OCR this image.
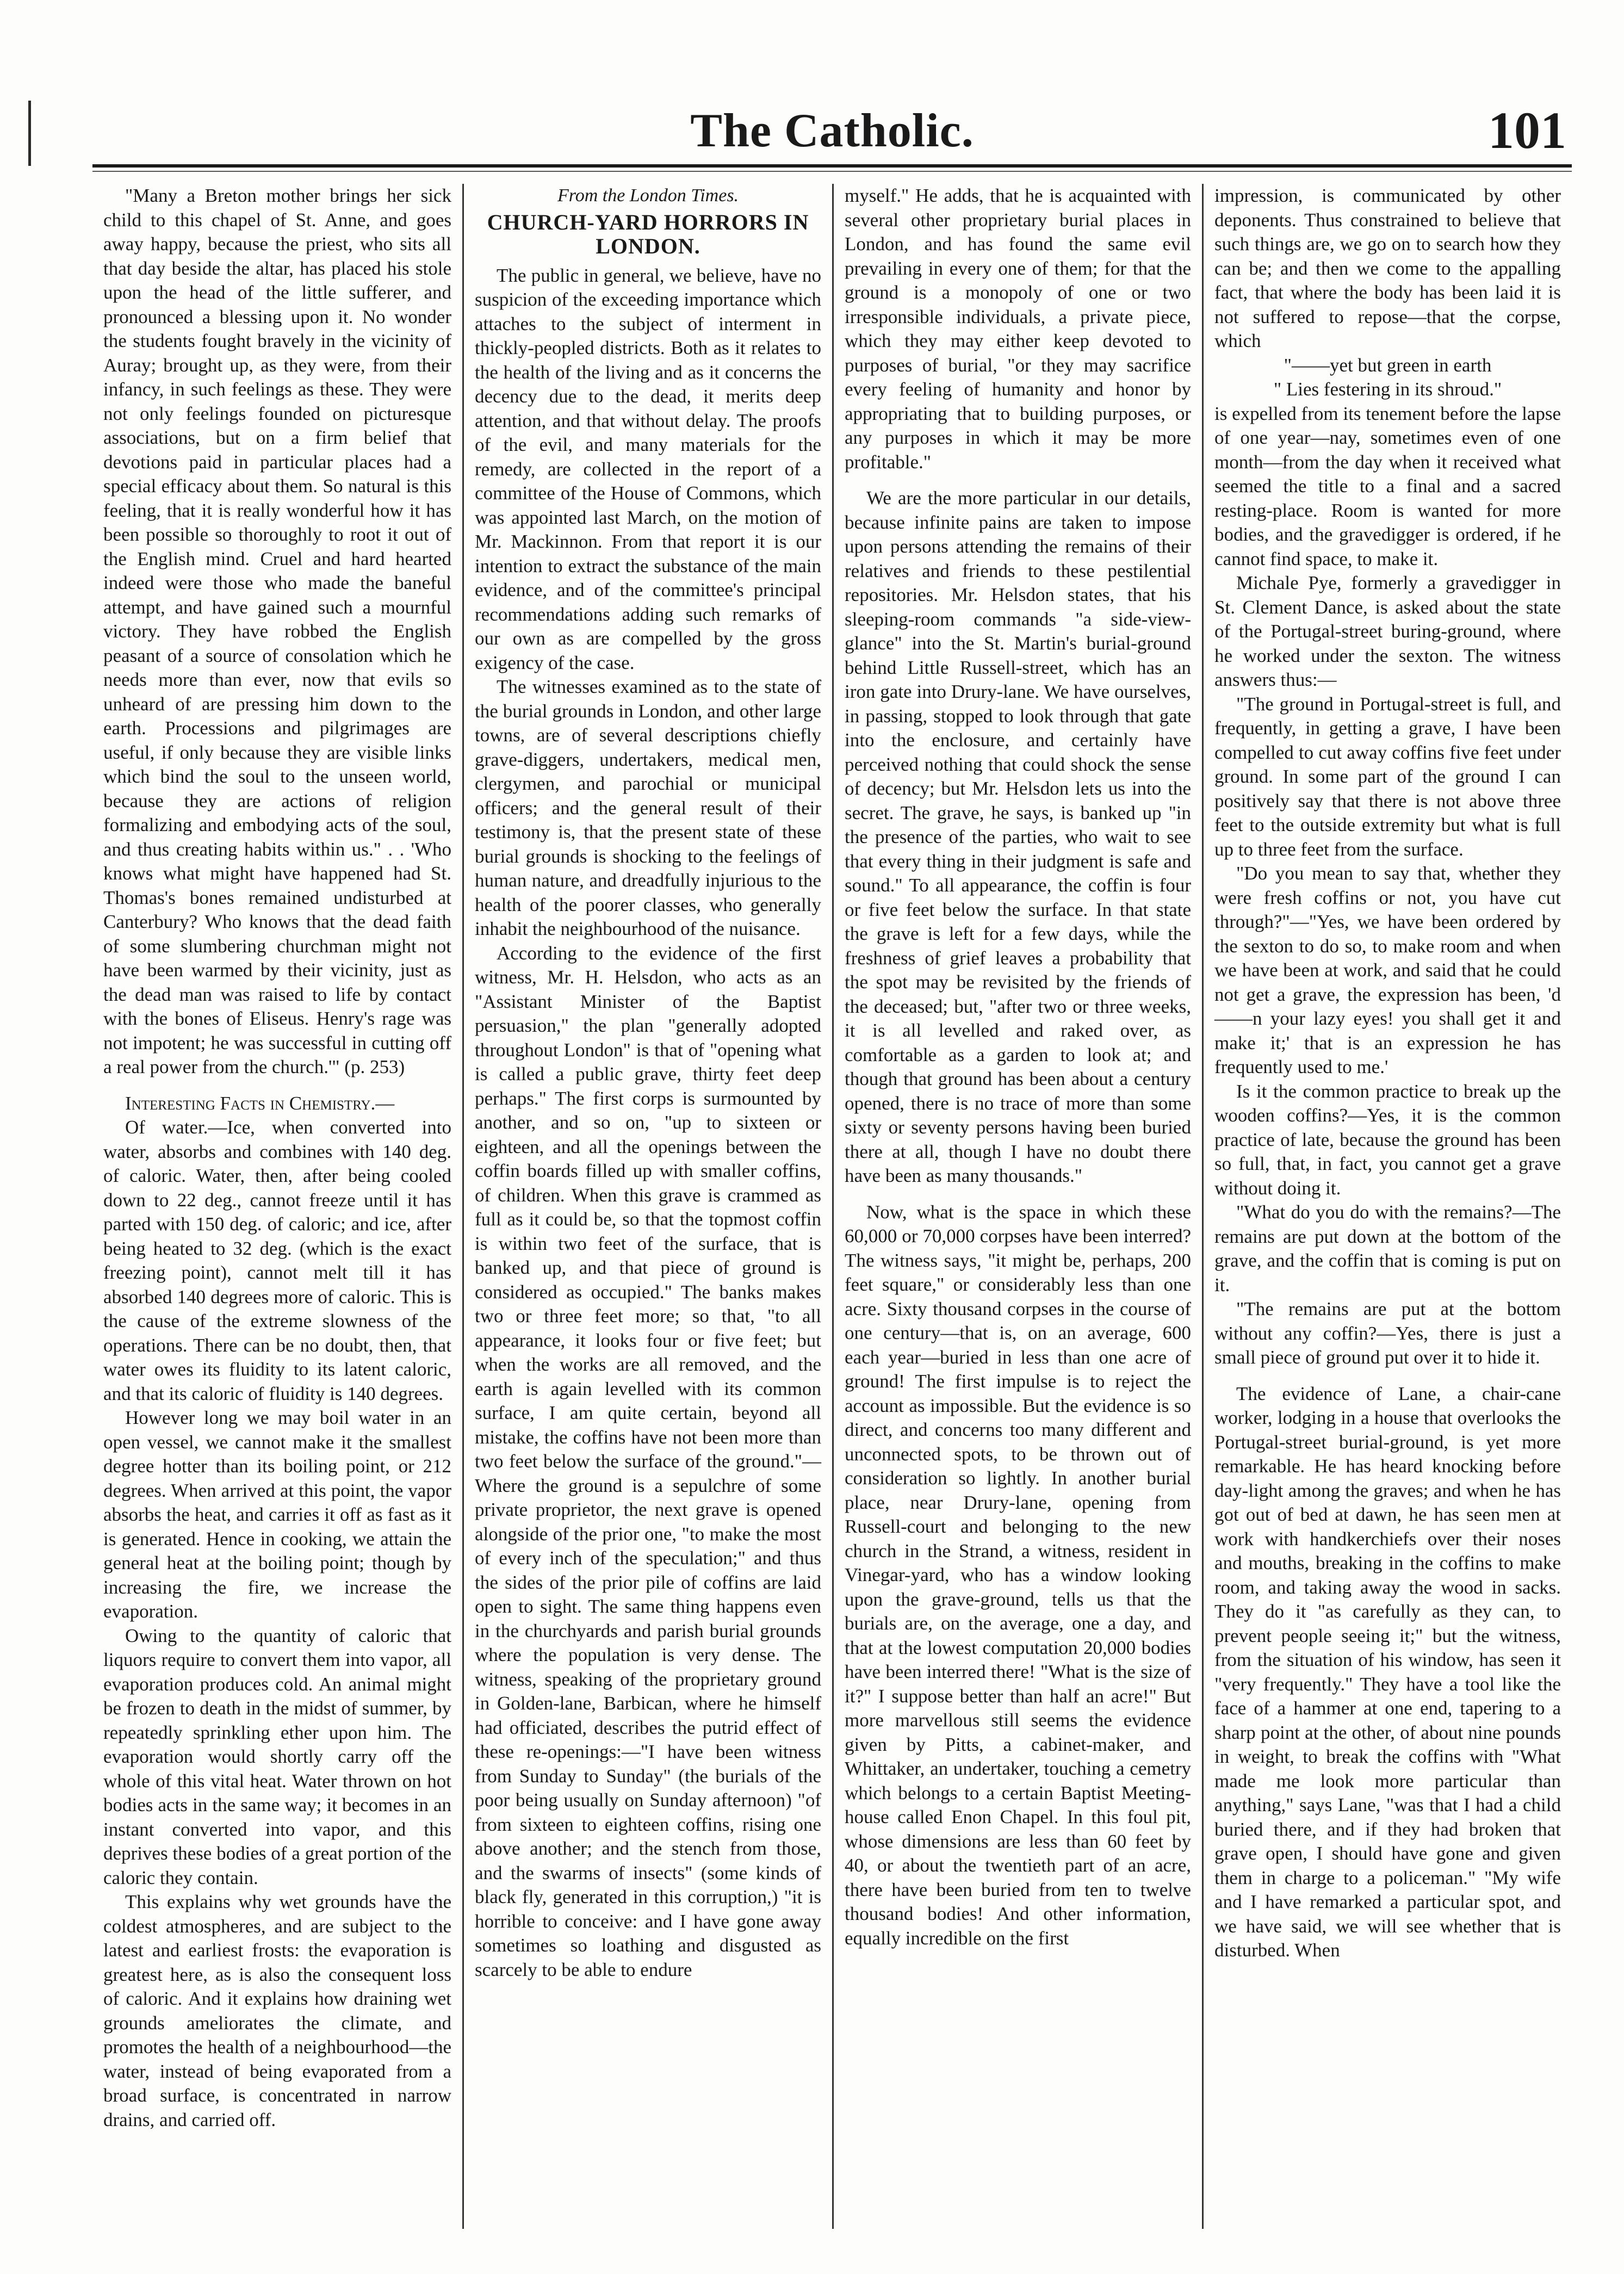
The Catholic.	101

"Many a Breton mother brings her sick child to this chapel of St. Anne, and goes away happy, because the priest, who sits all that day beside the altar, has placed his stole upon the head of the little sufferer, and pronounced a blessing upon it. No wonder the students fought bravely in the vicinity of Auray; brought up, as they were, from their infancy, in such feelings as these. They were not only feelings founded on picturesque associations, but on a firm belief that devotions paid in particular places had a special efficacy about them. So natural is this feeling, that it is really wonderful how it has been possible so thoroughly to root it out of the English mind. Cruel and hard hearted indeed were those who made the baneful attempt, and have gained such a mournful victory. They have robbed the English peasant of a source of consolation which he needs more than ever, now that evils so unheard of are pressing him down to the earth. Processions and pilgrimages are useful, if only because they are visible links which bind the soul to the unseen world, because they are actions of religion formalizing and embodying acts of the soul, and thus creating habits within us." . . 'Who knows what might have happened had St. Thomas's bones remained undisturbed at Canterbury? Who knows that the dead faith of some slumbering churchman might not have been warmed by their vicinity, just as the dead man was raised to life by contact with the bones of Eliseus. Henry's rage was not impotent; he was successful in cutting off a real power from the church.'" (p. 253)

Interesting Facts in Chemistry.—

Of water.—Ice, when converted into water, absorbs and combines with 140 deg. of caloric. Water, then, after being cooled down to 22 deg., cannot freeze until it has parted with 150 deg. of caloric; and ice, after being heated to 32 deg. (which is the exact freezing point), cannot melt till it has absorbed 140 degrees more of caloric. This is the cause of the extreme slowness of the operations. There can be no doubt, then, that water owes its fluidity to its latent caloric, and that its caloric of fluidity is 140 degrees.

However long we may boil water in an open vessel, we cannot make it the smallest degree hotter than its boiling point, or 212 degrees. When arrived at this point, the vapor absorbs the heat, and carries it off as fast as it is generated. Hence in cooking, we attain the general heat at the boiling point; though by increasing the fire, we increase the evaporation.

Owing to the quantity of caloric that liquors require to convert them into vapor, all evaporation produces cold. An animal might be frozen to death in the midst of summer, by repeatedly sprinkling ether upon him. The evaporation would shortly carry off the whole of this vital heat. Water thrown on hot bodies acts in the same way; it becomes in an instant converted into vapor, and this deprives these bodies of a great portion of the caloric they contain.

This explains why wet grounds have the coldest atmospheres, and are subject to the latest and earliest frosts: the evaporation is greatest here, as is also the consequent loss of caloric. And it explains how draining wet grounds ameliorates the climate, and promotes the health of a neighbourhood—the water, instead of being evaporated from a broad surface, is concentrated in narrow drains, and carried off.

From the London Times.

CHURCH-YARD HORRORS IN LONDON.

The public in general, we believe, have no suspicion of the exceeding importance which attaches to the subject of interment in thickly-peopled districts. Both as it relates to the health of the living and as it concerns the decency due to the dead, it merits deep attention, and that without delay. The proofs of the evil, and many materials for the remedy, are collected in the report of a committee of the House of Commons, which was appointed last March, on the motion of Mr. Mackinnon. From that report it is our intention to extract the substance of the main evidence, and of the committee's principal recommendations adding such remarks of our own as are compelled by the gross exigency of the case.

The witnesses examined as to the state of the burial grounds in London, and other large towns, are of several descriptions chiefly grave-diggers, undertakers, medical men, clergymen, and parochial or municipal officers; and the general result of their testimony is, that the present state of these burial grounds is shocking to the feelings of human nature, and dreadfully injurious to the health of the poorer classes, who generally inhabit the neighbourhood of the nuisance.

According to the evidence of the first witness, Mr. H. Helsdon, who acts as an "Assistant Minister of the Baptist persuasion," the plan "generally adopted throughout London" is that of "opening what is called a public grave, thirty feet deep perhaps." The first corps is surmounted by another, and so on, "up to sixteen or eighteen, and all the openings between the coffin boards filled up with smaller coffins, of children. When this grave is crammed as full as it could be, so that the topmost coffin is within two feet of the surface, that is banked up, and that piece of ground is considered as occupied." The banks makes two or three feet more; so that, "to all appearance, it looks four or five feet; but when the works are all removed, and the earth is again levelled with its common surface, I am quite certain, beyond all mistake, the coffins have not been more than two feet below the surface of the ground."—Where the ground is a sepulchre of some private proprietor, the next grave is opened alongside of the prior one, "to make the most of every inch of the speculation;" and thus the sides of the prior pile of coffins are laid open to sight. The same thing happens even in the churchyards and parish burial grounds where the population is very dense. The witness, speaking of the proprietary ground in Golden-lane, Barbican, where he himself had officiated, describes the putrid effect of these re-openings:—"I have been witness from Sunday to Sunday" (the burials of the poor being usually on Sunday afternoon) "of from sixteen to eighteen coffins, rising one above another; and the stench from those, and the swarms of insects" (some kinds of black fly, generated in this corruption,) "it is horrible to conceive: and I have gone away sometimes so loathing and disgusted as scarcely to be able to endure

myself." He adds, that he is acquainted with several other proprietary burial places in London, and has found the same evil prevailing in every one of them; for that the ground is a monopoly of one or two irresponsible individuals, a private piece, which they may either keep devoted to purposes of burial, "or they may sacrifice every feeling of humanity and honor by appropriating that to building purposes, or any purposes in which it may be more profitable."

We are the more particular in our details, because infinite pains are taken to impose upon persons attending the remains of their relatives and friends to these pestilential repositories. Mr. Helsdon states, that his sleeping-room commands "a side-view-glance" into the St. Martin's burial-ground behind Little Russell-street, which has an iron gate into Drury-lane. We have ourselves, in passing, stopped to look through that gate into the enclosure, and certainly have perceived nothing that could shock the sense of decency; but Mr. Helsdon lets us into the secret. The grave, he says, is banked up "in the presence of the parties, who wait to see that every thing in their judgment is safe and sound." To all appearance, the coffin is four or five feet below the surface. In that state the grave is left for a few days, while the freshness of grief leaves a probability that the spot may be revisited by the friends of the deceased; but, "after two or three weeks, it is all levelled and raked over, as comfortable as a garden to look at; and though that ground has been about a century opened, there is no trace of more than some sixty or seventy persons having been buried there at all, though I have no doubt there have been as many thousands."

Now, what is the space in which these 60,000 or 70,000 corpses have been interred? The witness says, "it might be, perhaps, 200 feet square," or considerably less than one acre. Sixty thousand corpses in the course of one century—that is, on an average, 600 each year—buried in less than one acre of ground! The first impulse is to reject the account as impossible. But the evidence is so direct, and concerns too many different and unconnected spots, to be thrown out of consideration so lightly. In another burial place, near Drury-lane, opening from Russell-court and belonging to the new church in the Strand, a witness, resident in Vinegar-yard, who has a window looking upon the grave-ground, tells us that the burials are, on the average, one a day, and that at the lowest computation 20,000 bodies have been interred there! "What is the size of it?" I suppose better than half an acre!" But more marvellous still seems the evidence given by Pitts, a cabinet-maker, and Whittaker, an undertaker, touching a cemetry which belongs to a certain Baptist Meeting-house called Enon Chapel. In this foul pit, whose dimensions are less than 60 feet by 40, or about the twentieth part of an acre, there have been buried from ten to twelve thousand bodies! And other information, equally incredible on the first

impression, is communicated by other deponents. Thus constrained to believe that such things are, we go on to search how they can be; and then we come to the appalling fact, that where the body has been laid it is not suffered to repose—that the corpse, which

"——yet but green in earth

" Lies festering in its shroud."

is expelled from its tenement before the lapse of one year—nay, sometimes even of one month—from the day when it received what seemed the title to a final and a sacred resting-place. Room is wanted for more bodies, and the gravedigger is ordered, if he cannot find space, to make it.

Michale Pye, formerly a gravedigger in St. Clement Dance, is asked about the state of the Portugal-street buring-ground, where he worked under the sexton. The witness answers thus:—

"The ground in Portugal-street is full, and frequently, in getting a grave, I have been compelled to cut away coffins five feet under ground. In some part of the ground I can positively say that there is not above three feet to the outside extremity but what is full up to three feet from the surface.

"Do you mean to say that, whether they were fresh coffins or not, you have cut through?"—"Yes, we have been ordered by the sexton to do so, to make room and when we have been at work, and said that he could not get a grave, the expression has been, 'd——n your lazy eyes! you shall get it and make it;' that is an expression he has frequently used to me.'

Is it the common practice to break up the wooden coffins?—Yes, it is the common practice of late, because the ground has been so full, that, in fact, you cannot get a grave without doing it.

"What do you do with the remains?—The remains are put down at the bottom of the grave, and the coffin that is coming is put on it.

"The remains are put at the bottom without any coffin?—Yes, there is just a small piece of ground put over it to hide it.

The evidence of Lane, a chair-cane worker, lodging in a house that overlooks the Portugal-street burial-ground, is yet more remarkable. He has heard knocking before day-light among the graves; and when he has got out of bed at dawn, he has seen men at work with handkerchiefs over their noses and mouths, breaking in the coffins to make room, and taking away the wood in sacks. They do it "as carefully as they can, to prevent people seeing it;" but the witness, from the situation of his window, has seen it "very frequently." They have a tool like the face of a hammer at one end, tapering to a sharp point at the other, of about nine pounds in weight, to break the coffins with "What made me look more particular than anything," says Lane, "was that I had a child buried there, and if they had broken that grave open, I should have gone and given them in charge to a policeman." "My wife and I have remarked a particular spot, and we have said, we will see whether that is disturbed. When
